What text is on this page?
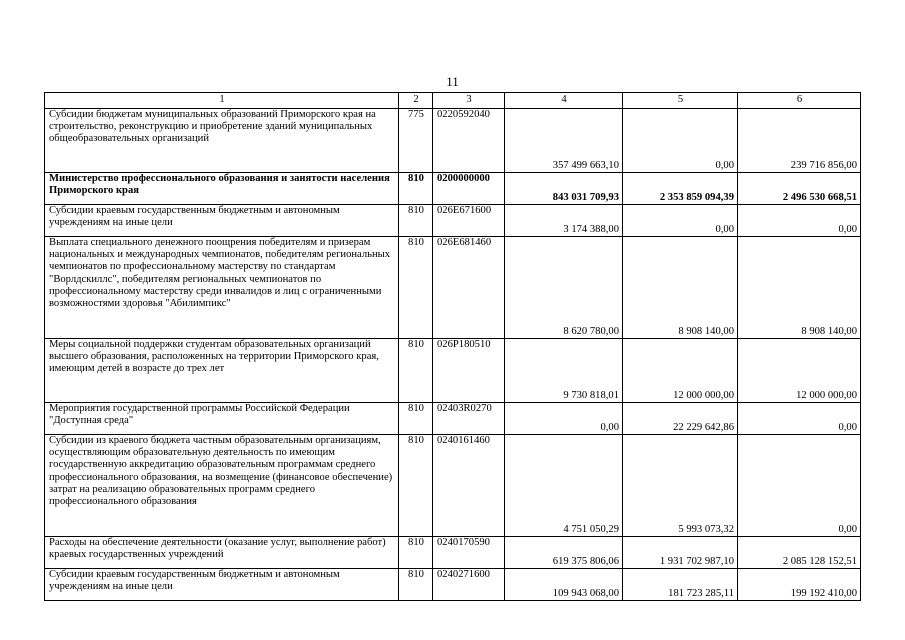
11
1	2	3	4	5	6
Субсидии бюджетам муниципальных образований Приморского края на строительство, реконструкцию и приобретение зданий муниципальных общеобразовательных организаций	775	0220592040	357 499 663,10	0,00	239 716 856,00
Министерство профессионального образования и занятости населения Приморского края	810	0200000000	843 031 709,93	2 353 859 094,39	2 496 530 668,51
Субсидии краевым государственным бюджетным и автономным учреждениям на иные цели	810	026E671600	3 174 388,00	0,00	0,00
Выплата специального денежного поощрения победителям и призерам национальных и международных чемпионатов, победителям региональных чемпионатов по профессиональному мастерству по стандартам "Ворлдскиллс", победителям региональных чемпионатов по профессиональному мастерству среди инвалидов и лиц с ограниченными возможностями здоровья "Абилимпикс"	810	026E681460	8 620 780,00	8 908 140,00	8 908 140,00
Меры социальной поддержки студентам образовательных организаций высшего образования, расположенных на территории Приморского края, имеющим детей в возрасте до трех лет	810	026P180510	9 730 818,01	12 000 000,00	12 000 000,00
Мероприятия государственной программы Российской Федерации "Доступная среда"	810	02403R0270	0,00	22 229 642,86	0,00
Субсидии из краевого бюджета частным образовательным организациям, осуществляющим образовательную деятельность по имеющим государственную аккредитацию образовательным программам среднего профессионального образования, на возмещение (финансовое обеспечение) затрат на реализацию образовательных программ среднего профессионального образования	810	0240161460	4 751 050,29	5 993 073,32	0,00
Расходы на обеспечение деятельности (оказание услуг, выполнение работ) краевых государственных учреждений	810	0240170590	619 375 806,06	1 931 702 987,10	2 085 128 152,51
Субсидии краевым государственным бюджетным и автономным учреждениям на иные цели	810	0240271600	109 943 068,00	181 723 285,11	199 192 410,00
